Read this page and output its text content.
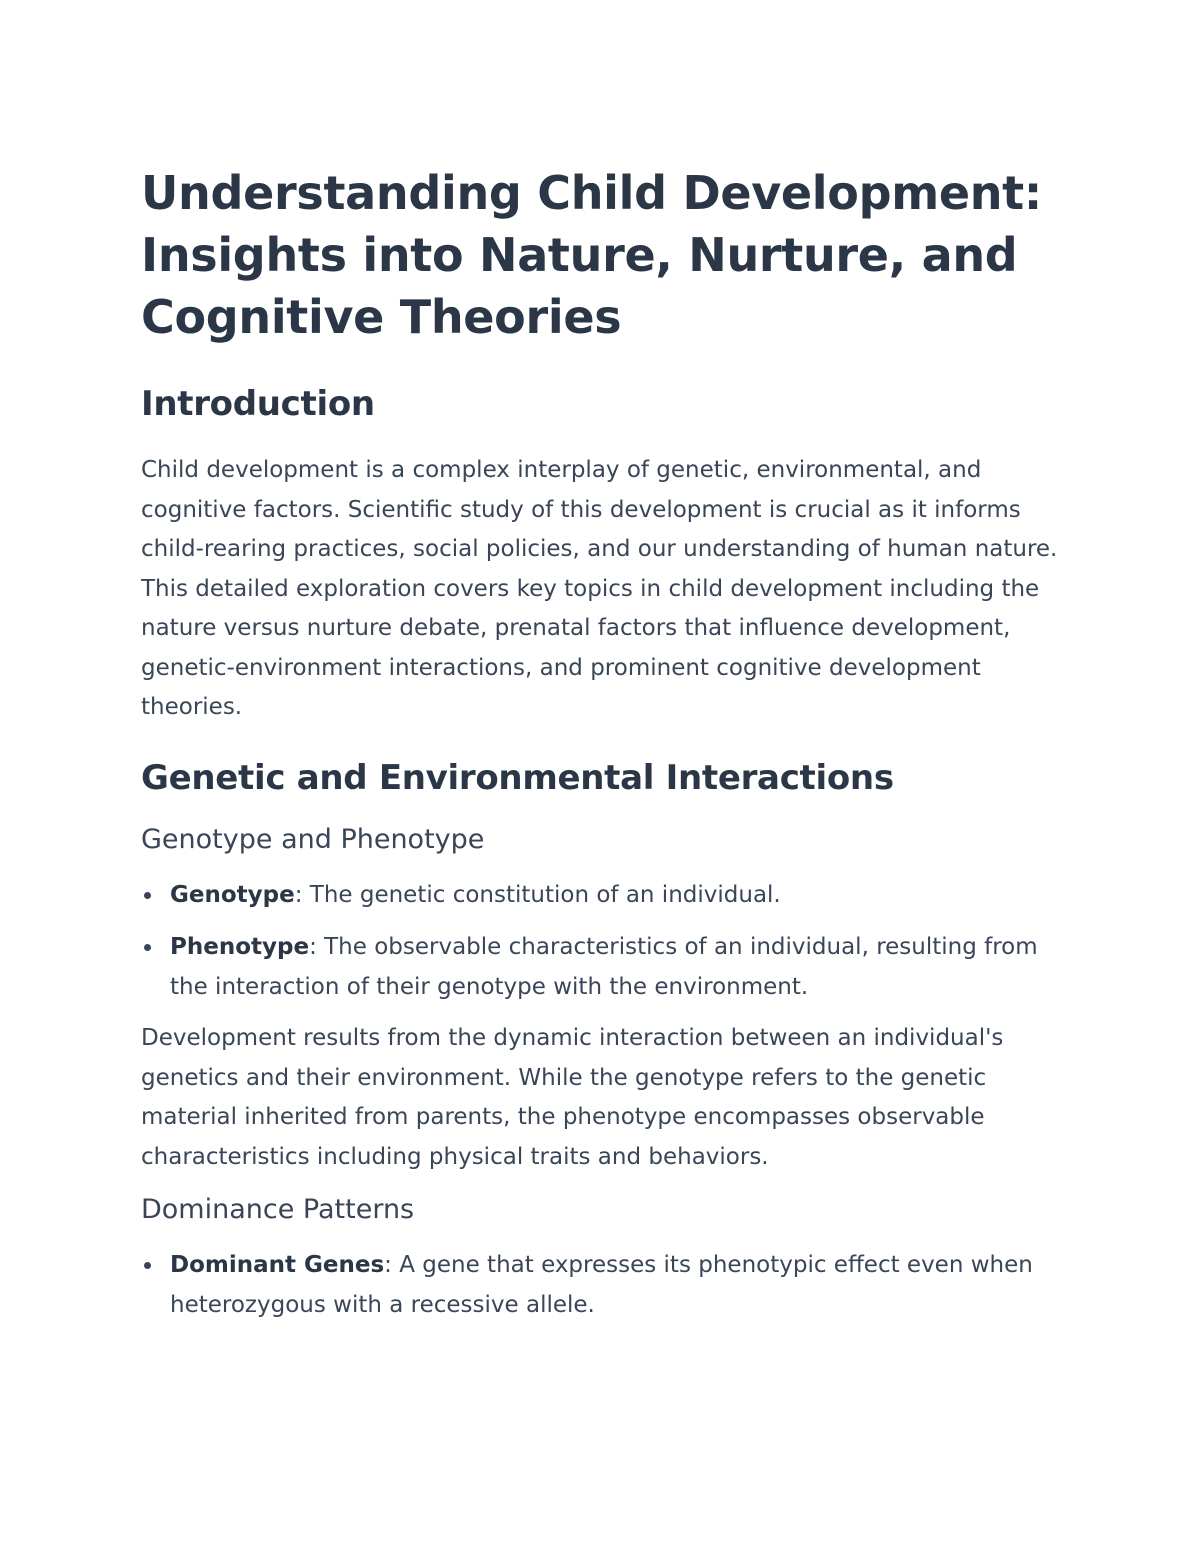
Understanding Child Development: Insights into Nature, Nurture, and Cognitive Theories
Introduction

Child development is a complex interplay of genetic, environmental, and cognitive factors. Scientific study of this development is crucial as it informs child-rearing practices, social policies, and our understanding of human nature. This detailed exploration covers key topics in child development including the nature versus nurture debate, prenatal factors that influence development, genetic-environment interactions, and prominent cognitive development theories.

Genetic and Environmental Interactions
Genotype and Phenotype
Genotype: The genetic constitution of an individual.
Phenotype: The observable characteristics of an individual, resulting from the interaction of their genotype with the environment.

Development results from the dynamic interaction between an individual's genetics and their environment. While the genotype refers to the genetic material inherited from parents, the phenotype encompasses observable characteristics including physical traits and behaviors.

Dominance Patterns
Dominant Genes: A gene that expresses its phenotypic effect even when heterozygous with a recessive allele.
